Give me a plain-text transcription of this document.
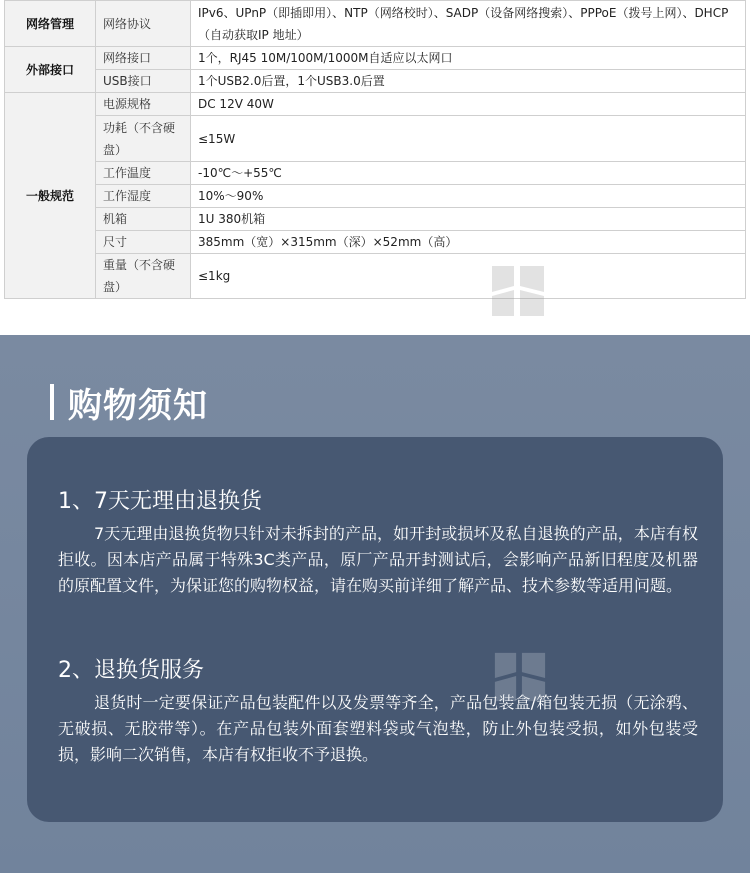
网络管理	网络协议	IPv6、UPnP（即插即用）、NTP（网络校时）、SADP（设备网络搜索）、PPPoE（拨号上网）、DHCP（自动获取IP 地址）
外部接口	网络接口	1个，RJ45 10M/100M/1000M自适应以太网口
	USB接口	1个USB2.0后置，1个USB3.0后置
一般规范	电源规格	DC 12V 40W
	功耗（不含硬盘）	≤15W
	工作温度	-10℃～+55℃
	工作湿度	10%～90%
	机箱	1U 380机箱
	尺寸	385mm（宽）×315mm（深）×52mm（高）
	重量（不含硬盘）	≤1kg
购物须知
1、7天无理由退换货
7天无理由退换货物只针对未拆封的产品，如开封或损坏及私自退换的产品，本店有权拒收。因本店产品属于特殊3C类产品，原厂产品开封测试后，会影响产品新旧程度及机器的原配置文件，为保证您的购物权益，请在购买前详细了解产品、技术参数等适用问题。
2、退换货服务
退货时一定要保证产品包装配件以及发票等齐全，产品包装盒/箱包装无损（无涂鸦、无破损、无胶带等）。在产品包装外面套塑料袋或气泡垫，防止外包装受损，如外包装受损，影响二次销售，本店有权拒收不予退换。
